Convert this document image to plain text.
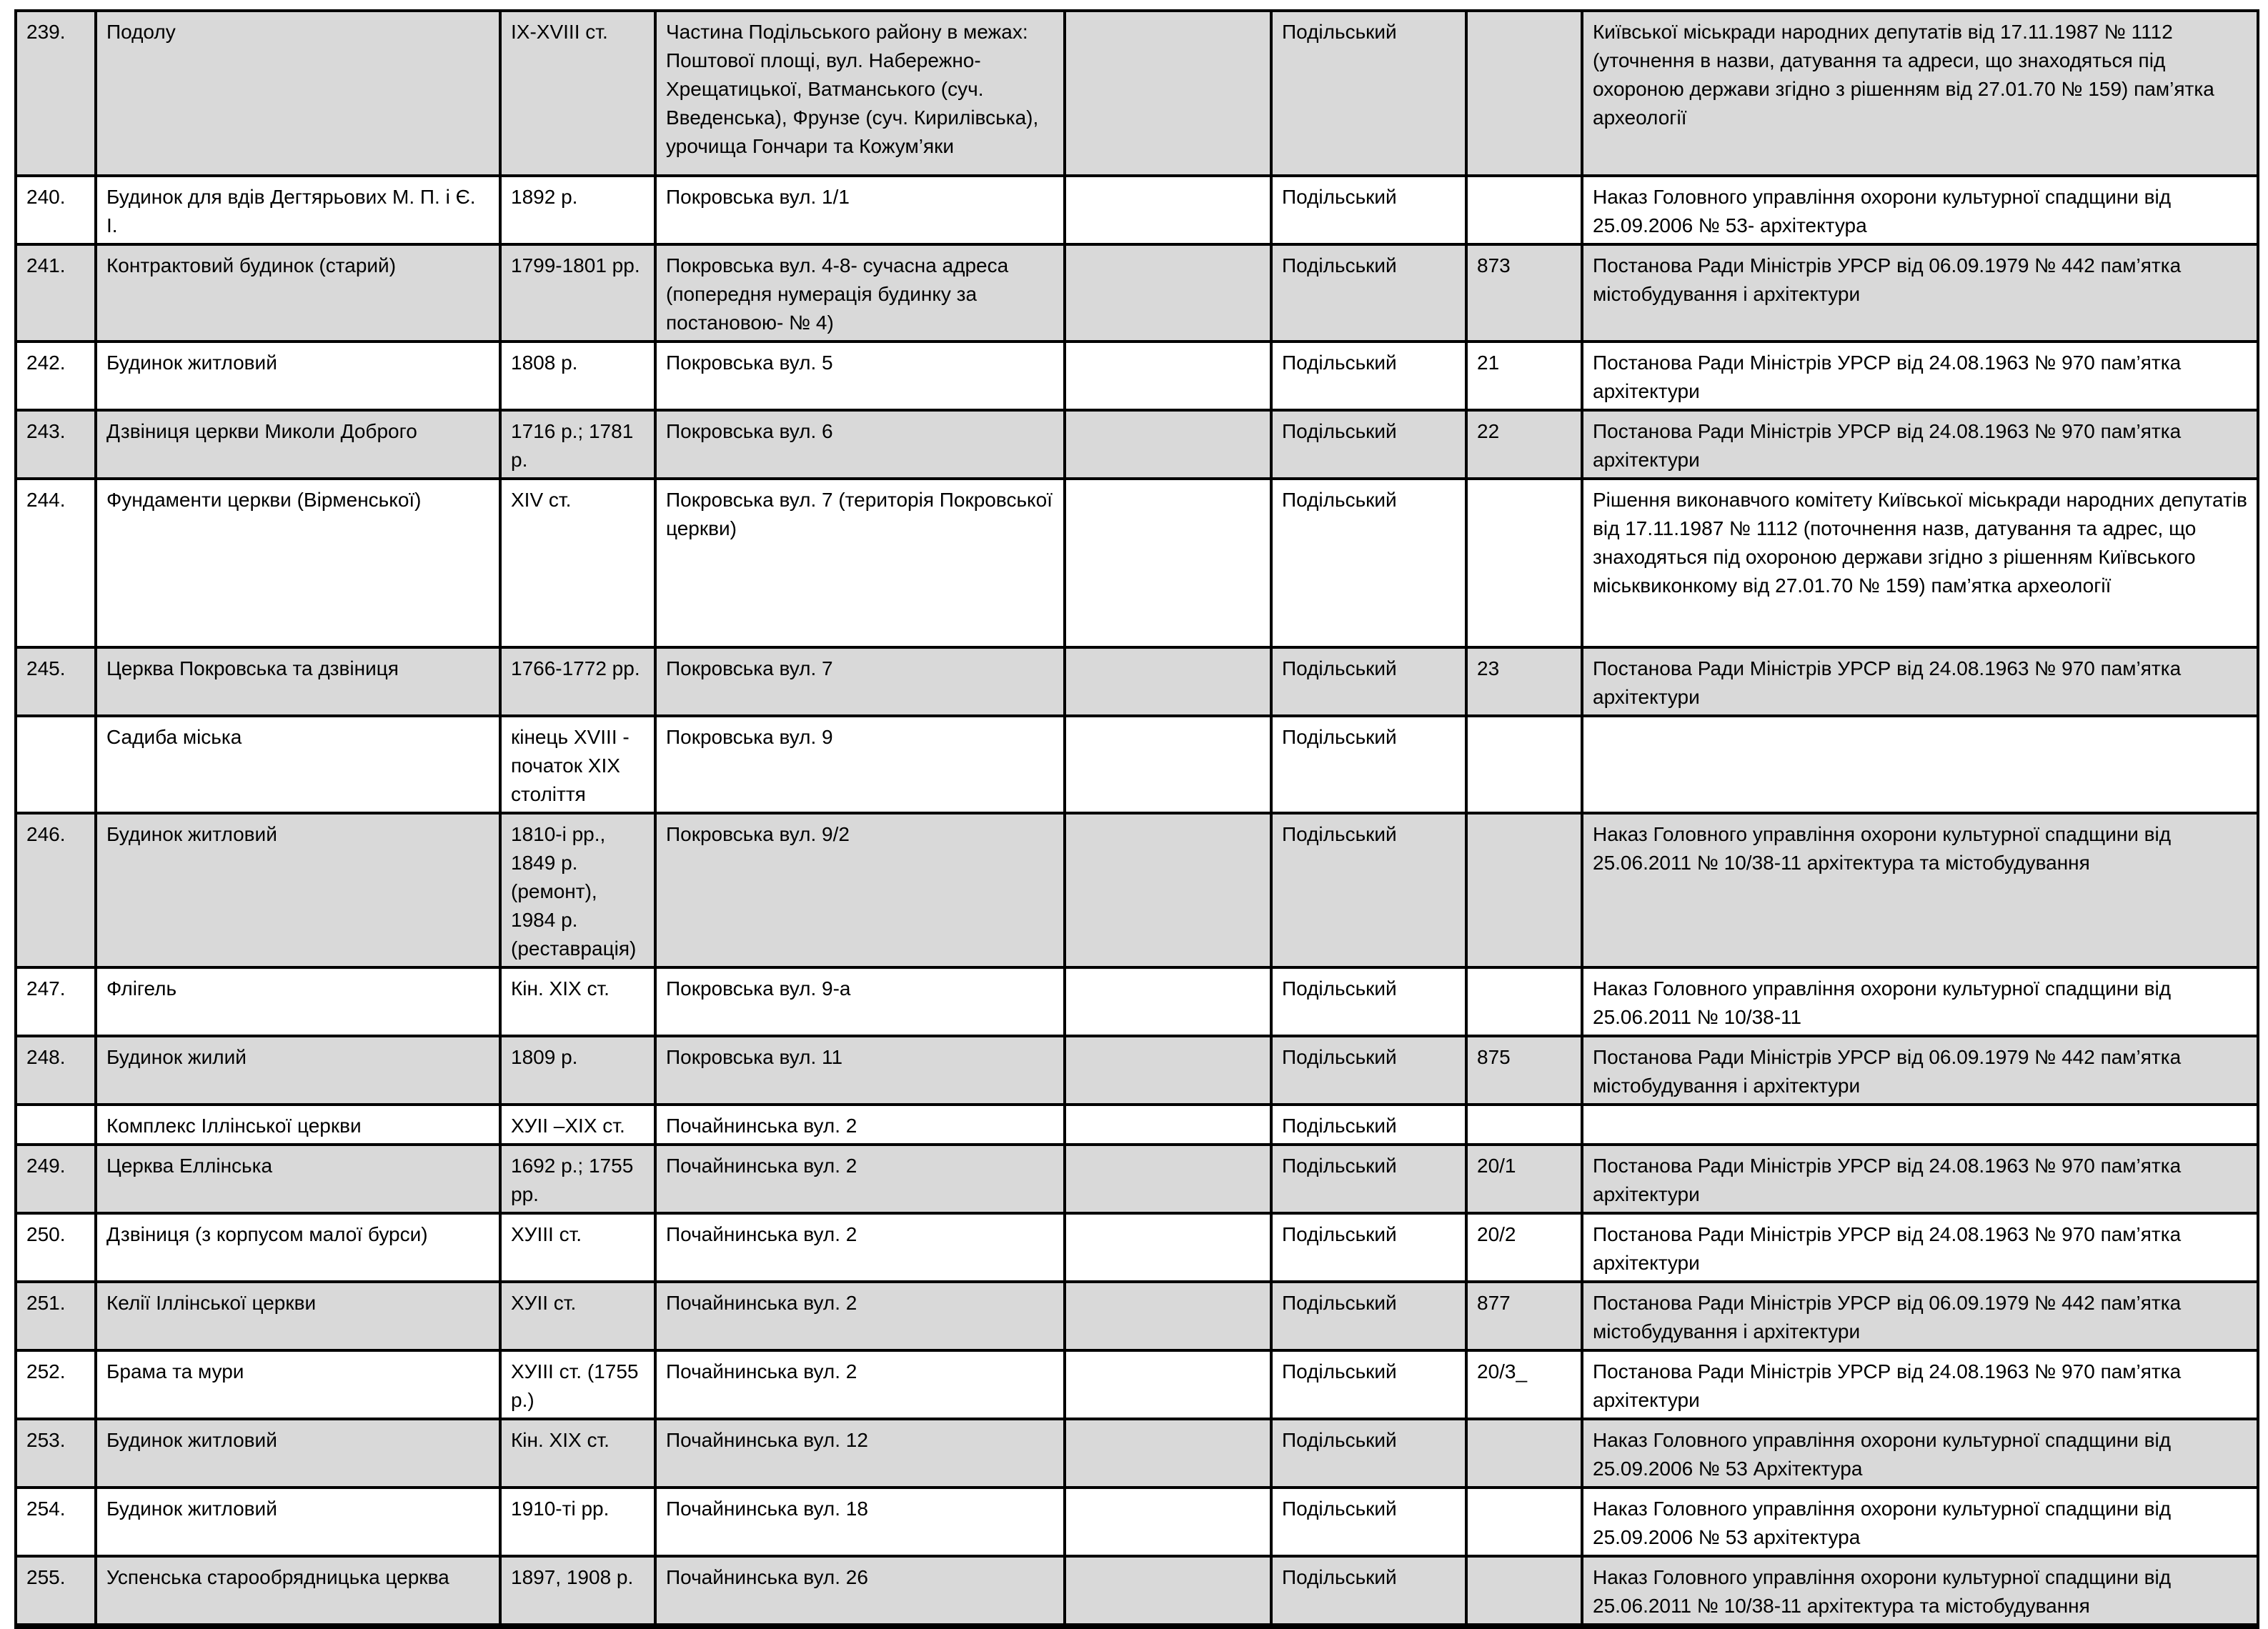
239.	Подолу	IX-XVIII ст.	Частина Подільського району в межах: Поштової площі, вул. Набережно-Хрещатицької, Ватманського (суч. Введенська), Фрунзе (суч. Кирилівська), урочища Гончари та Кожум’яки		Подільський		Київської міськради народних депутатів від 17.11.1987 № 1112 (уточнення в назви, датування та адреси, що знаходяться під охороною держави згідно з рішенням від 27.01.70 № 159) пам’ятка археології
240.	Будинок для вдів Дегтярьових М. П. і Є. І.	1892 р.	Покровська вул. 1/1		Подільський		Наказ Головного управління охорони культурної спадщини від 25.09.2006 № 53- архітектура
241.	Контрактовий будинок (старий)	1799-1801 рр.	Покровська вул. 4-8- сучасна адреса (попередня нумерація будинку за постановою- № 4)		Подільський	873	Постанова Ради Міністрів УРСР від 06.09.1979 № 442 пам’ятка містобудування і архітектури
242.	Будинок житловий	1808 р.	Покровська вул. 5		Подільський	21	Постанова Ради Міністрів УРСР від 24.08.1963 № 970 пам’ятка архітектури
243.	Дзвіниця церкви Миколи Доброго	1716 р.; 1781 р.	Покровська вул. 6		Подільський	22	Постанова Ради Міністрів УРСР від 24.08.1963 № 970 пам’ятка архітектури
244.	Фундаменти церкви (Вірменської)	XIV ст.	Покровська вул. 7 (територія Покровської церкви)		Подільський		Рішення виконавчого комітету Київської міськради народних депутатів від 17.11.1987 № 1112 (поточнення назв, датування та адрес, що знаходяться під охороною держави згідно з рішенням Київського міськвиконкому від 27.01.70 № 159) пам’ятка археології
245.	Церква Покровська та дзвіниця	1766-1772 рр.	Покровська вул. 7		Подільський	23	Постанова Ради Міністрів УРСР від 24.08.1963 № 970 пам’ятка архітектури
	Садиба міська	кінець XVIII - початок XIX століття	Покровська вул. 9		Подільський		
246.	Будинок житловий	1810-і рр., 1849 р. (ремонт), 1984 р. (реставрація)	Покровська вул. 9/2		Подільський		Наказ Головного управління охорони культурної спадщини від 25.06.2011 № 10/38-11 архітектура та містобудування
247.	Флігель	Кін. XIX ст.	Покровська вул. 9-а		Подільський		Наказ Головного управління охорони культурної спадщини від 25.06.2011 № 10/38-11
248.	Будинок жилий	1809 р.	Покровська вул. 11		Подільський	875	Постанова Ради Міністрів УРСР від 06.09.1979 № 442 пам’ятка містобудування і архітектури
	Комплекс Іллінської церкви	ХУІІ –ХІХ ст.	Почайнинська вул. 2		Подільський		
249.	Церква Еллінська	1692 р.; 1755 рр.	Почайнинська вул. 2		Подільський	20/1	Постанова Ради Міністрів УРСР від 24.08.1963 № 970 пам’ятка архітектури
250.	Дзвіниця (з корпусом малої бурси)	ХУІІІ ст.	Почайнинська вул. 2		Подільський	20/2	Постанова Ради Міністрів УРСР від 24.08.1963 № 970 пам’ятка архітектури
251.	Келії Іллінської церкви	ХУІІ ст.	Почайнинська вул. 2		Подільський	877	Постанова Ради Міністрів УРСР від 06.09.1979 № 442 пам’ятка містобудування і архітектури
252.	Брама та мури	ХУІІІ ст. (1755 р.)	Почайнинська вул. 2		Подільський	20/3_	Постанова Ради Міністрів УРСР від 24.08.1963 № 970 пам’ятка архітектури
253.	Будинок житловий	Кін. XIX ст.	Почайнинська вул. 12		Подільський		Наказ Головного управління охорони культурної спадщини від 25.09.2006 № 53 Архітектура
254.	Будинок житловий	1910-ті рр.	Почайнинська вул. 18		Подільський		Наказ Головного управління охорони культурної спадщини від 25.09.2006 № 53 архітектура
255.	Успенська старообрядницька церква	1897, 1908 р.	Почайнинська вул. 26		Подільський		Наказ Головного управління охорони культурної спадщини від 25.06.2011 № 10/38-11 архітектура та містобудування
